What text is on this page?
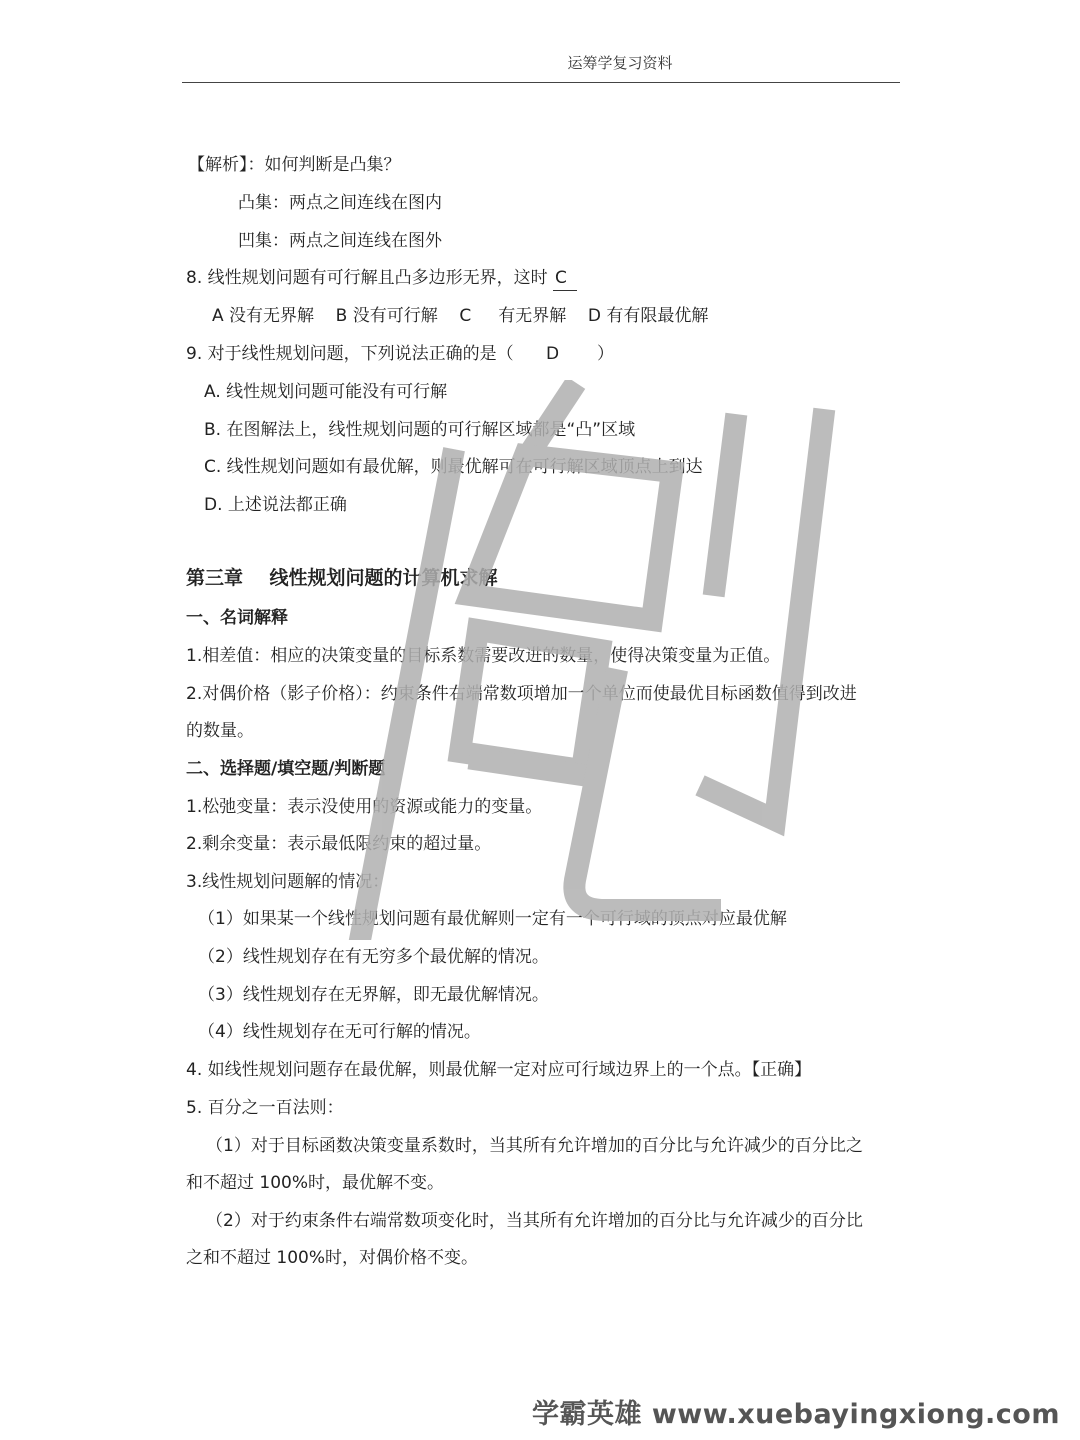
运筹学复习资料
【解析】：如何判断是凸集？
凸集：两点之间连线在图内
凹集：两点之间连线在图外
8. 线性规划问题有可行解且凸多边形无界，这时 C
A 没有无界解    B 没有可行解    C     有无界解    D 有有限最优解
9. 对于线性规划问题，下列说法正确的是（      D       ）
A. 线性规划问题可能没有可行解
B. 在图解法上，线性规划问题的可行解区域都是“凸”区域
C. 线性规划问题如有最优解，则最优解可在可行解区域顶点上到达
D. 上述说法都正确
第三章    线性规划问题的计算机求解
一、名词解释
1.相差值：相应的决策变量的目标系数需要改进的数量，使得决策变量为正值。
2.对偶价格（影子价格）：约束条件右端常数项增加一个单位而使最优目标函数值得到改进
的数量。
二、选择题/填空题/判断题
1.松弛变量：表示没使用的资源或能力的变量。
2.剩余变量：表示最低限约束的超过量。
3.线性规划问题解的情况：
（1）如果某一个线性规划问题有最优解则一定有一个可行域的顶点对应最优解
（2）线性规划存在有无穷多个最优解的情况。
（3）线性规划存在无界解，即无最优解情况。
（4）线性规划存在无可行解的情况。
4. 如线性规划问题存在最优解，则最优解一定对应可行域边界上的一个点。【正确】
5. 百分之一百法则：
（1）对于目标函数决策变量系数时，当其所有允许增加的百分比与允许减少的百分比之
和不超过 100%时，最优解不变。
（2）对于约束条件右端常数项变化时，当其所有允许增加的百分比与允许减少的百分比
之和不超过 100%时，对偶价格不变。
学霸英雄 www.xuebayingxiong.com
